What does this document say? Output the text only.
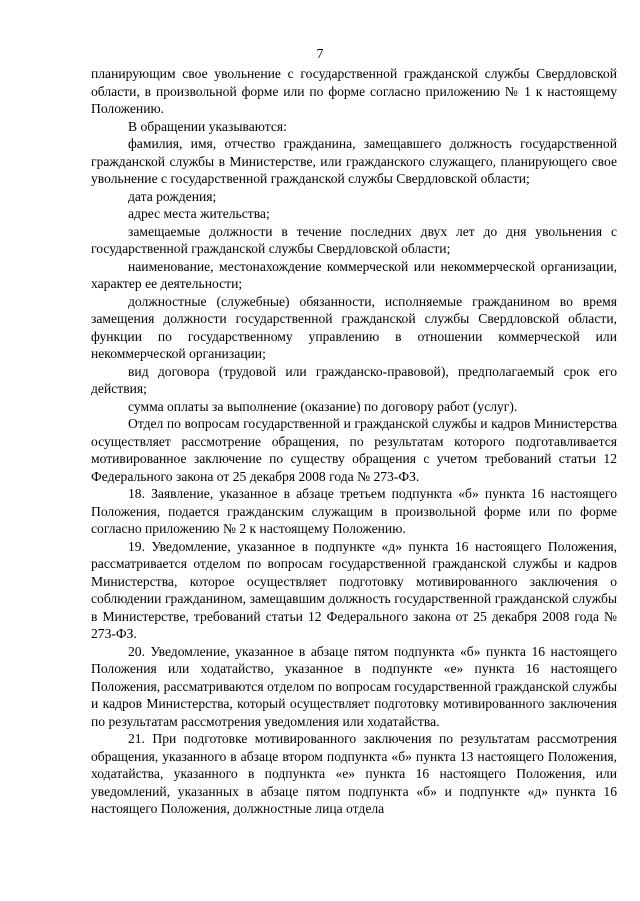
7

планирующим свое увольнение с государственной гражданской службы Свердловской области, в произвольной форме или по форме согласно приложению № 1 к настоящему Положению.

В обращении указываются:

фамилия, имя, отчество гражданина, замещавшего должность государственной гражданской службы в Министерстве, или гражданского служащего, планирующего свое увольнение с государственной гражданской службы Свердловской области;

дата рождения;

адрес места жительства;

замещаемые должности в течение последних двух лет до дня увольнения с государственной гражданской службы Свердловской области;

наименование, местонахождение коммерческой или некоммерческой организации, характер ее деятельности;

должностные (служебные) обязанности, исполняемые гражданином во время замещения должности государственной гражданской службы Свердловской области, функции по государственному управлению в отношении коммерческой или некоммерческой организации;

вид договора (трудовой или гражданско-правовой), предполагаемый срок его действия;

сумма оплаты за выполнение (оказание) по договору работ (услуг).

Отдел по вопросам государственной и гражданской службы и кадров Министерства осуществляет рассмотрение обращения, по результатам которого подготавливается мотивированное заключение по существу обращения с учетом требований статьи 12 Федерального закона от 25 декабря 2008 года № 273-ФЗ.

18. Заявление, указанное в абзаце третьем подпункта «б» пункта 16 настоящего Положения, подается гражданским служащим в произвольной форме или по форме согласно приложению № 2 к настоящему Положению.

19. Уведомление, указанное в подпункте «д» пункта 16 настоящего Положения, рассматривается отделом по вопросам государственной гражданской службы и кадров Министерства, которое осуществляет подготовку мотивированного заключения о соблюдении гражданином, замещавшим должность государственной гражданской службы в Министерстве, требований статьи 12 Федерального закона от 25 декабря 2008 года № 273-ФЗ.

20. Уведомление, указанное в абзаце пятом подпункта «б» пункта 16 настоящего Положения или ходатайство, указанное в подпункте «е» пункта 16 настоящего Положения, рассматриваются отделом по вопросам государственной гражданской службы и кадров Министерства, который осуществляет подготовку мотивированного заключения по результатам рассмотрения уведомления или ходатайства.

21. При подготовке мотивированного заключения по результатам рассмотрения обращения, указанного в абзаце втором подпункта «б» пункта 13 настоящего Положения, ходатайства, указанного в подпункта «е» пункта 16 настоящего Положения, или уведомлений, указанных в абзаце пятом подпункта «б» и подпункте «д» пункта 16 настоящего Положения, должностные лица отдела
